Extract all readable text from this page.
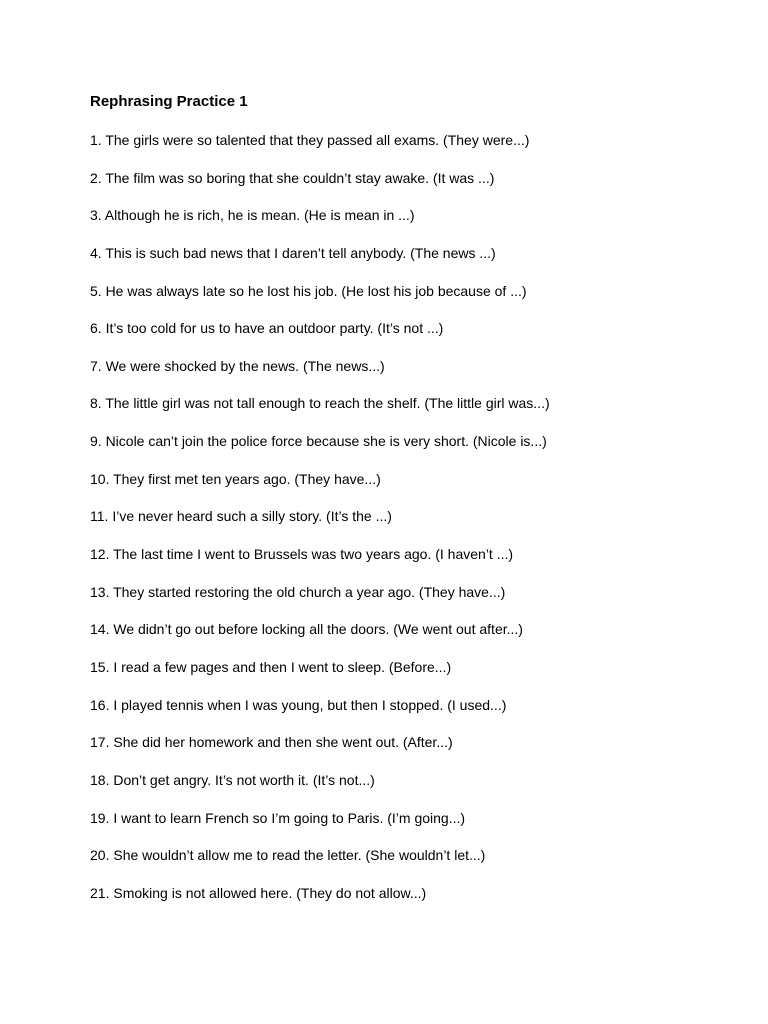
Rephrasing Practice 1
1. The girls were so talented that they passed all exams. (They were...)
2. The film was so boring that she couldn’t stay awake. (It was ...)
3. Although he is rich, he is mean. (He is mean in ...)
4. This is such bad news that I daren’t tell anybody. (The news ...)
5. He was always late so he lost his job. (He lost his job because of ...)
6. It’s too cold for us to have an outdoor party. (It’s not ...)
7. We were shocked by the news. (The news...)
8. The little girl was not tall enough to reach the shelf. (The little girl was...)
9. Nicole can’t join the police force because she is very short. (Nicole is...)
10. They first met ten years ago. (They have...)
11. I’ve never heard such a silly story. (It’s the ...)
12. The last time I went to Brussels was two years ago. (I haven’t ...)
13. They started restoring the old church a year ago. (They have...)
14. We didn’t go out before locking all the doors. (We went out after...)
15. I read a few pages and then I went to sleep. (Before...)
16. I played tennis when I was young, but then I stopped. (I used...)
17. She did her homework and then she went out. (After...)
18. Don’t get angry. It’s not worth it. (It’s not...)
19. I want to learn French so I’m going to Paris. (I’m going...)
20. She wouldn’t allow me to read the letter. (She wouldn’t let...)
21. Smoking is not allowed here. (They do not allow...)
